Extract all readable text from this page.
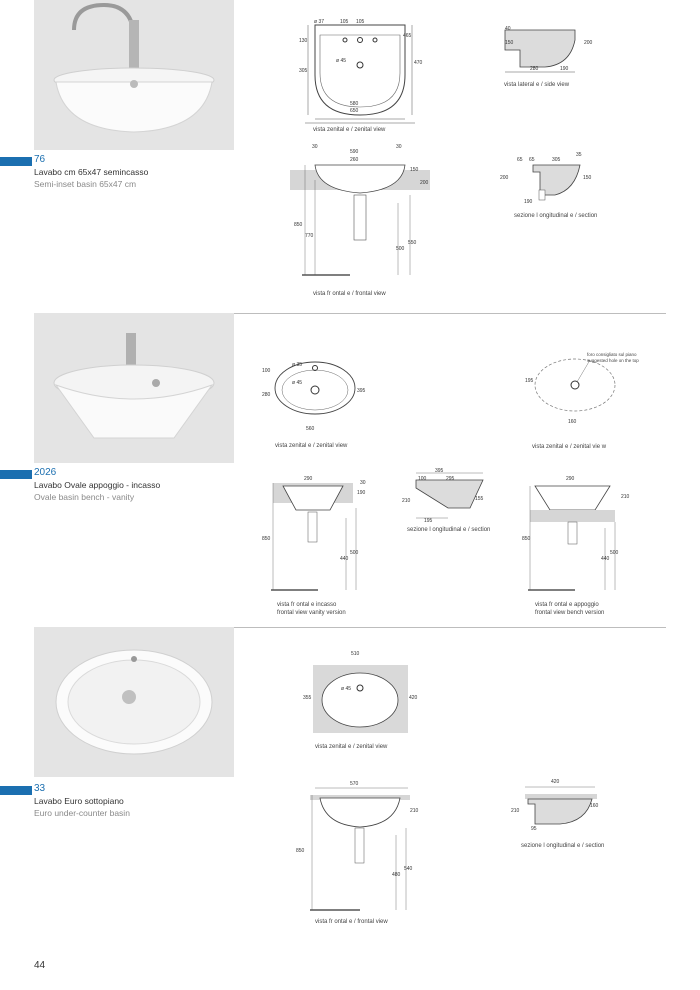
76
Lavabo cm 65x47 semincasso
Semi-inset basin 65x47 cm
ø 37	105 105
130
305
465
470
ø 45
580
650
vista zenital e / zenital view
40
150	200
280	190
vista lateral e / side view
590
30	30
260
150
200
850
770
500
550
vista fr ontal e / frontal view
65 65	305
35
200	150
190
sezione l ongitudinal e / section
2026
Lavabo Ovale appoggio - incasso
Ovale basin bench - vanity
ø 35
100
280
395
ø 45
560
vista zenital e / zenital view
195
160
foro consigliato sul piano
suggested hole on the top
vista zenital e / zenital vie w
290
190
30
850
440
500
vista fr ontal e incasso
frontal view vanity version
395
100	295
210	155
195
sezione l ongitudinal e / section
290
210
850
440
500
vista fr ontal e appoggio
frontal view bench version
33
Lavabo Euro sottopiano
Euro under-counter basin
510
355	420
ø 45
vista zenital e / zenital view
570
210
850
480
540
vista fr ontal e / frontal view
420
210
160
95
sezione l ongitudinal e / section
44
